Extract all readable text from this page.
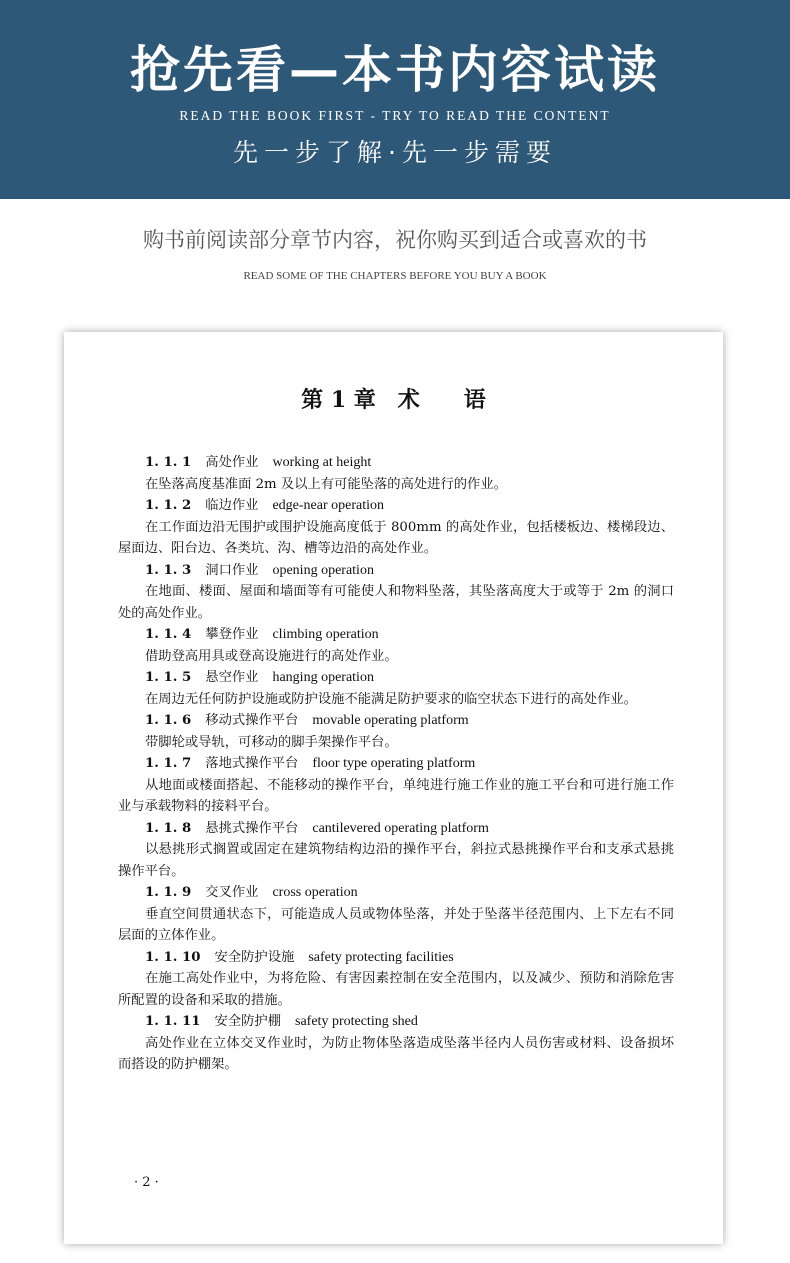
抢先看—本书内容试读
READ THE BOOK FIRST - TRY TO READ THE CONTENT
先一步了解·先一步需要
购书前阅读部分章节内容，祝你购买到适合或喜欢的书
READ SOME OF THE CHAPTERS BEFORE YOU BUY A BOOK
第 1 章　术　　语
1. 1. 1 高处作业 working at height
在坠落高度基准面 2m 及以上有可能坠落的高处进行的作业。
1. 1. 2 临边作业 edge-near operation
在工作面边沿无围护或围护设施高度低于 800mm 的高处作业，包括楼板边、楼梯段边、屋面边、阳台边、各类坑、沟、槽等边沿的高处作业。
1. 1. 3 洞口作业 opening operation
在地面、楼面、屋面和墙面等有可能使人和物料坠落，其坠落高度大于或等于 2m 的洞口处的高处作业。
1. 1. 4 攀登作业 climbing operation
借助登高用具或登高设施进行的高处作业。
1. 1. 5 悬空作业 hanging operation
在周边无任何防护设施或防护设施不能满足防护要求的临空状态下进行的高处作业。
1. 1. 6 移动式操作平台 movable operating platform
带脚轮或导轨，可移动的脚手架操作平台。
1. 1. 7 落地式操作平台 floor type operating platform
从地面或楼面搭起、不能移动的操作平台，单纯进行施工作业的施工平台和可进行施工作业与承载物料的接料平台。
1. 1. 8 悬挑式操作平台 cantilevered operating platform
以悬挑形式搁置或固定在建筑物结构边沿的操作平台，斜拉式悬挑操作平台和支承式悬挑操作平台。
1. 1. 9 交叉作业 cross operation
垂直空间贯通状态下，可能造成人员或物体坠落，并处于坠落半径范围内、上下左右不同层面的立体作业。
1. 1. 10 安全防护设施 safety protecting facilities
在施工高处作业中，为将危险、有害因素控制在安全范围内，以及减少、预防和消除危害所配置的设备和采取的措施。
1. 1. 11 安全防护棚 safety protecting shed
高处作业在立体交叉作业时，为防止物体坠落造成坠落半径内人员伤害或材料、设备损坏而搭设的防护棚架。
· 2 ·
